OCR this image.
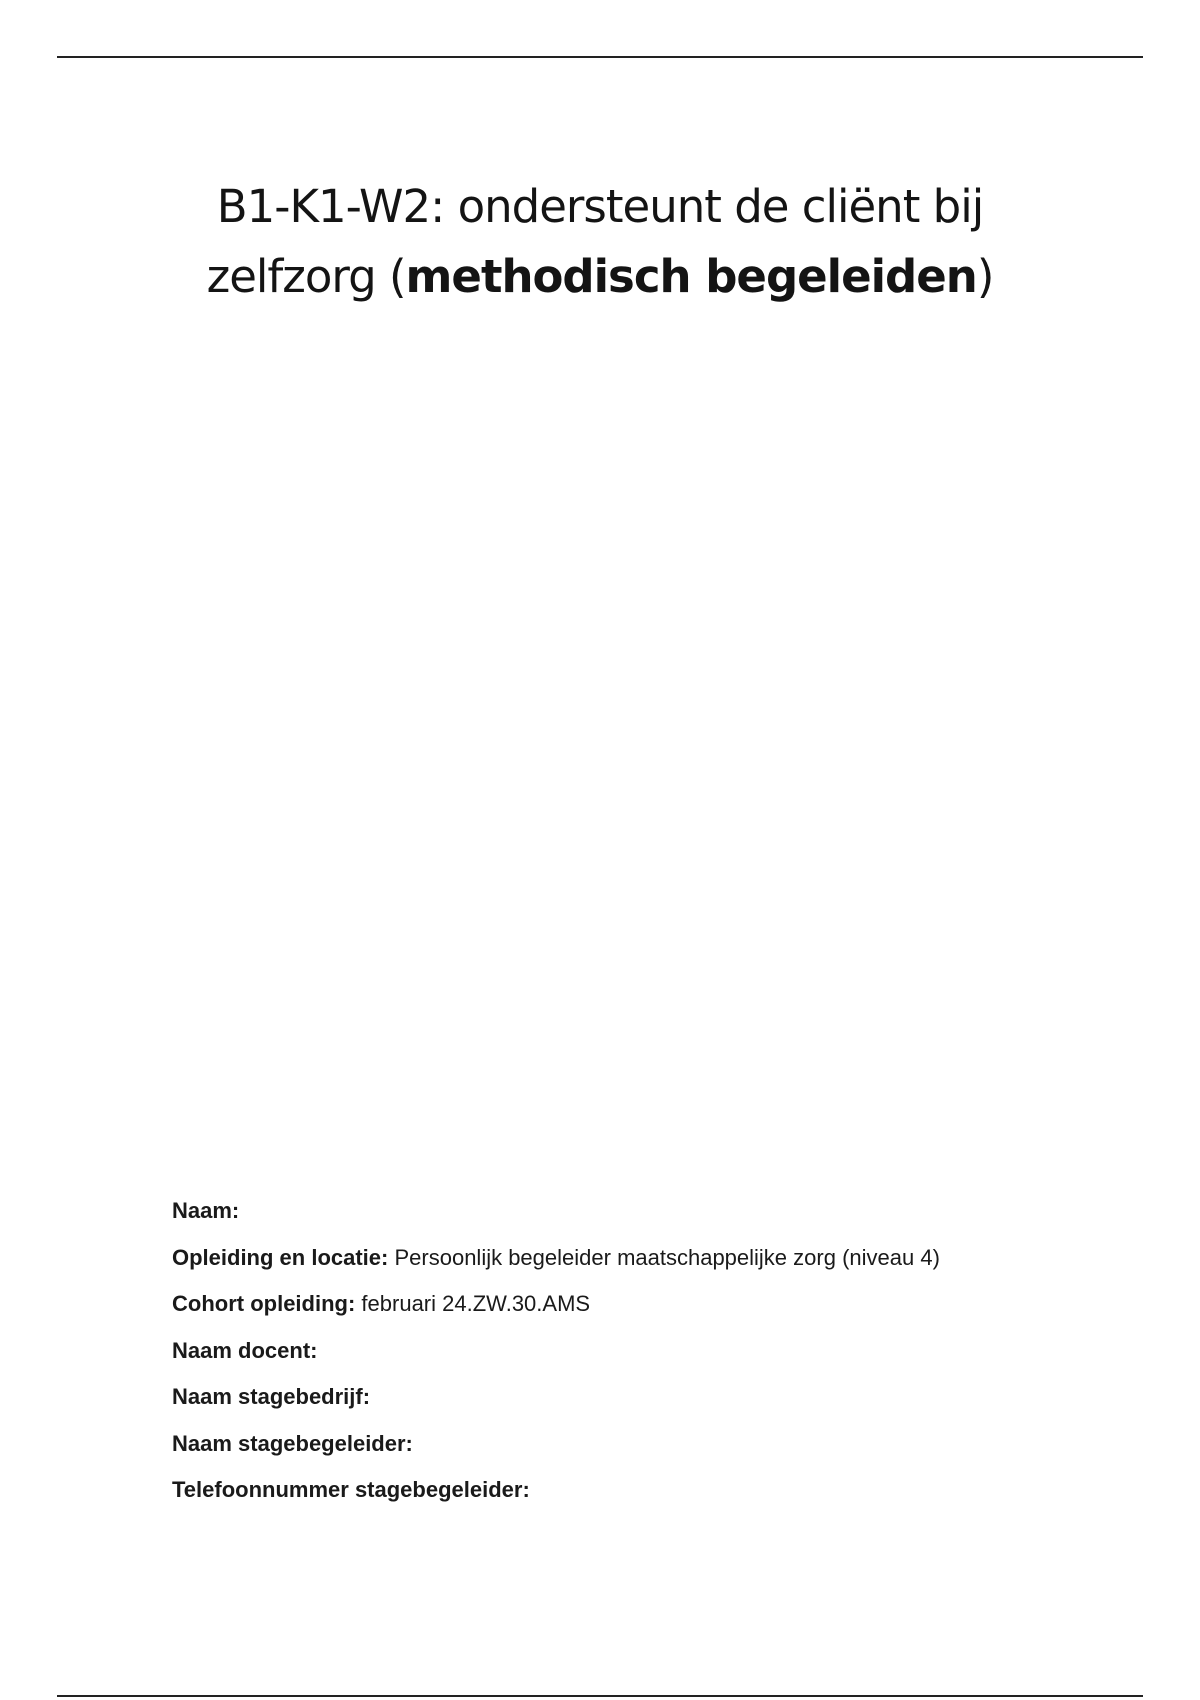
B1-K1-W2: ondersteunt de cliënt bij zelfzorg (methodisch begeleiden)
Naam:
Opleiding en locatie: Persoonlijk begeleider maatschappelijke zorg (niveau 4)
Cohort opleiding: februari 24.ZW.30.AMS
Naam docent:
Naam stagebedrijf:
Naam stagebegeleider:
Telefoonnummer stagebegeleider:
